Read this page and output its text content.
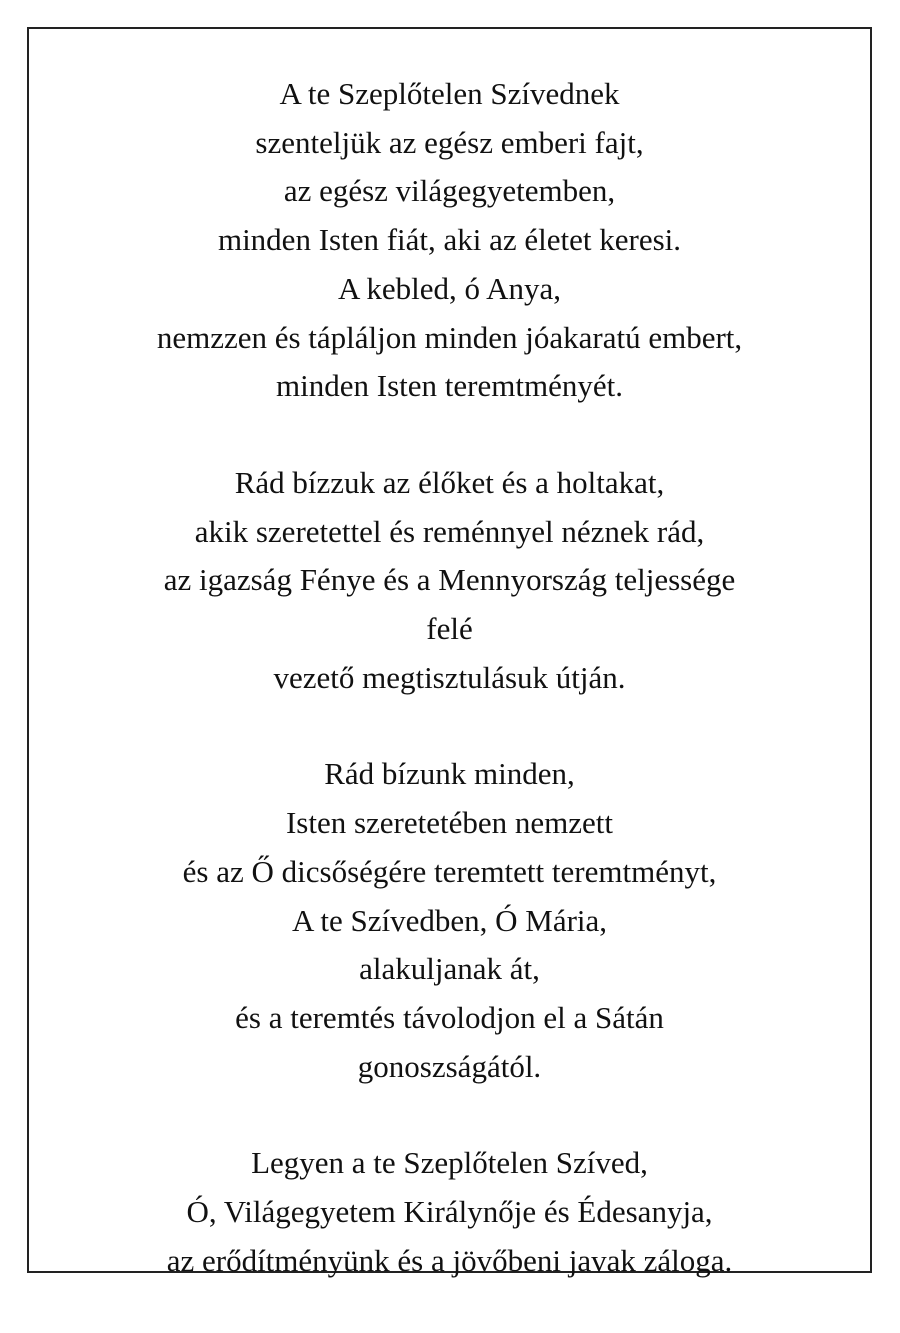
A te Szeplőtelen Szívednek
szenteljük az egész emberi fajt,
az egész világegyetemben,
minden Isten fiát, aki az életet keresi.
A kebled, ó Anya,
nemzzen és tápláljon minden jóakaratú embert,
minden Isten teremtményét.
Rád bízzuk az élőket és a holtakat,
akik szeretettel és reménnyel néznek rád,
az igazság Fénye és a Mennyország teljessége
felé
vezető megtisztulásuk útján.
Rád bízunk minden,
Isten szeretetében nemzett
és az Ő dicsőségére teremtett teremtményt,
A te Szívedben, Ó Mária,
alakuljanak át,
és a teremtés távolodjon el a Sátán
gonoszságától.
Legyen a te Szeplőtelen Szíved,
Ó, Világegyetem Királynője és Édesanyja,
az erődítményünk és a jövőbeni javak záloga.
